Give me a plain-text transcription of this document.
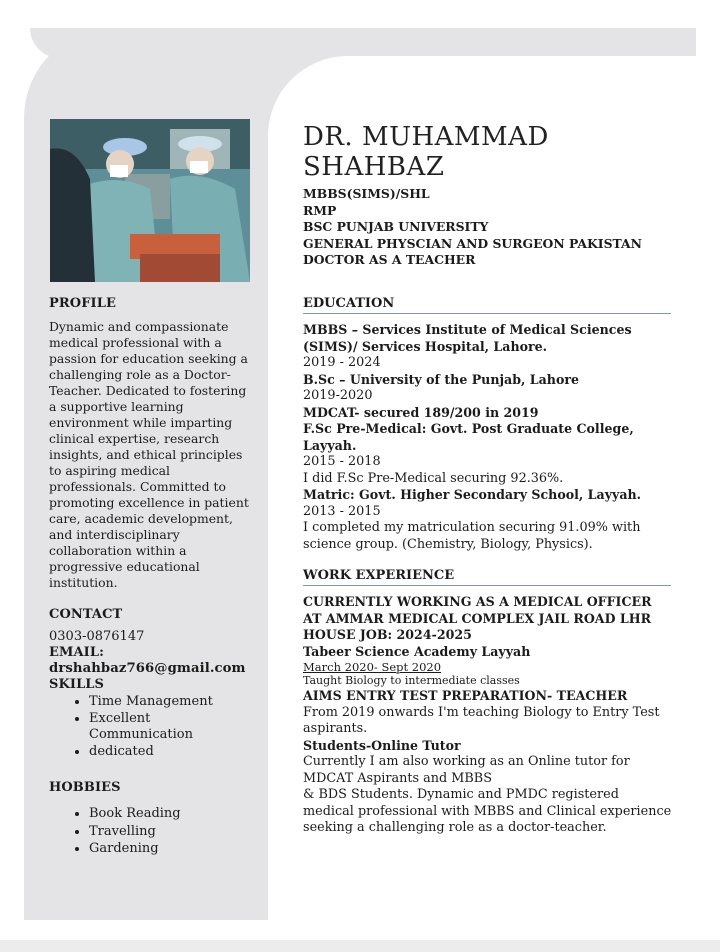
PROFILE
Dynamic and compassionate medical professional with a passion for education seeking a challenging role as a Doctor-Teacher. Dedicated to fostering a supportive learning environment while imparting clinical expertise, research insights, and ethical principles to aspiring medical professionals. Committed to promoting excellence in patient care, academic development, and interdisciplinary collaboration within a progressive educational institution.
CONTACT
0303-0876147
EMAIL:
drshahbaz766@gmail.com
SKILLS
• Time Management
• Excellent Communication
• dedicated
HOBBIES
• Book Reading
• Travelling
• Gardening
DR. MUHAMMAD SHAHBAZ
MBBS(SIMS)/SHL
RMP
BSC PUNJAB UNIVERSITY
GENERAL PHYSCIAN AND SURGEON PAKISTAN
DOCTOR AS A TEACHER
EDUCATION
MBBS – Services Institute of Medical Sciences (SIMS)/ Services Hospital, Lahore.
2019 - 2024
B.Sc – University of the Punjab, Lahore
2019-2020
MDCAT- secured 189/200 in 2019
F.Sc Pre-Medical: Govt. Post Graduate College, Layyah.
2015 - 2018
I did F.Sc Pre-Medical securing 92.36%.
Matric: Govt. Higher Secondary School, Layyah.
2013 - 2015
I completed my matriculation securing 91.09% with science group. (Chemistry, Biology, Physics).
WORK EXPERIENCE
CURRENTLY WORKING AS A MEDICAL OFFICER AT AMMAR MEDICAL COMPLEX JAIL ROAD LHR
HOUSE JOB: 2024-2025
Tabeer Science Academy Layyah
March 2020- Sept 2020
Taught Biology to intermediate classes
AIMS ENTRY TEST PREPARATION- TEACHER
From 2019 onwards I'm teaching Biology to Entry Test aspirants.
Students-Online Tutor
Currently I am also working as an Online tutor for MDCAT Aspirants and MBBS
& BDS Students. Dynamic and PMDC registered medical professional with MBBS and Clinical experience seeking a challenging role as a doctor-teacher.
